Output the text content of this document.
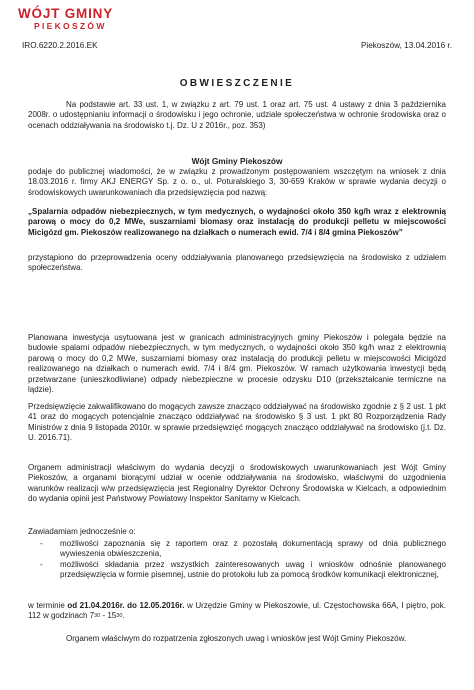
WÓJT GMINY
PIEKOSZÓW
IRO.6220.2.2016.EK	Piekoszów, 13.04.2016 r.
OBWIESZCZENIE

Na podstawie art. 33 ust. 1, w związku z art. 79 ust. 1 oraz art. 75 ust. 4 ustawy z dnia 3 października 2008r. o udostępnianiu informacji o środowisku i jego ochronie, udziale społeczeństwa w ochronie środowiska oraz o ocenach oddziaływania na środowisko t.j. Dz. U z 2016r., poz. 353)

Wójt Gminy Piekoszów

podaje do publicznej wiadomości, że w związku z prowadzonym postępowaniem wszczętym na wniosek z dnia 18.03.2016 r. firmy AKJ ENERGY Sp. z o. o., ul. Poturalskiego 3, 30-659 Kraków w sprawie wydania decyzji o środowiskowych uwarunkowaniach dla przedsięwzięcia pod nazwą:

„Spalarnia odpadów niebezpiecznych, w tym medycznych, o wydajności około 350 kg/h wraz z elektrownią parową o mocy do 0,2 MWe, suszarniami biomasy oraz instalacją do produkcji pelletu w miejscowości Micigózd gm. Piekoszów realizowanego na działkach o numerach ewid. 7/4 i 8/4 gmina Piekoszów”

przystąpiono do przeprowadzenia oceny oddziaływania planowanego przedsięwzięcia na środowisko z udziałem społeczeństwa.

Planowana inwestycja usytuowana jest w granicach administracyjnych gminy Piekoszów i polegała będzie na budowie spalarni odpadów niebezpiecznych, w tym medycznych, o wydajności około 350 kg/h wraz z elektrownią parową o mocy do 0,2 MWe, suszarniami biomasy oraz instalacją do produkcji pelletu w miejscowości Micigózd realizowanego na działkach o numerach ewid. 7/4 i 8/4 gm. Piekoszów. W ramach użytkowania inwestycji będą przetwarzane (unieszkodliwiane) odpady niebezpieczne w procesie odzysku D10 (przekształcanie termiczne na lądzie).

Przedsięwzięcie zakwalifikowano do mogących zawsze znacząco oddziaływać na środowisko zgodnie z § 2 ust. 1 pkt 41 oraz do mogących potencjalnie znacząco oddziaływać na środowisko § 3 ust. 1 pkt 80 Rozporządzenia Rady Ministrów z dnia 9 listopada 2010r. w sprawie przedsięwzięć mogących znacząco oddziaływać na środowisko (j.t. Dz. U. 2016.71).

Organem administracji właściwym do wydania decyzji o środowiskowych uwarunkowaniach jest Wójt Gminy Piekoszów, a organami biorącymi udział w ocenie oddziaływania na środowisko, właściwymi do uzgodnienia warunków realizacji w/w przedsięwzięcia jest Regionalny Dyrektor Ochrony Środowiska w Kielcach, a odpowiednim do wydania opinii jest Państwowy Powiatowy Inspektor Sanitarny w Kielcach.

Zawiadamiam jednocześnie o:

- możliwości zapoznania się z raportem oraz z pozostałą dokumentacją sprawy od dnia publicznego wywieszenia obwieszczenia,
- możliwości składania przez wszystkich zainteresowanych uwag i wniosków odnośnie planowanego przedsięwzięcia w formie pisemnej, ustnie do protokołu lub za pomocą środków komunikacji elektronicznej,

w terminie od 21.04.2016r. do 12.05.2016r. w Urzędzie Gminy w Piekoszowie, ul. Częstochowska 66A, I piętro, pok. 112 w godzinach $7^{30} - 15^{30}$.

Organem właściwym do rozpatrzenia zgłoszonych uwag i wniosków jest Wójt Gminy Piekoszów.
